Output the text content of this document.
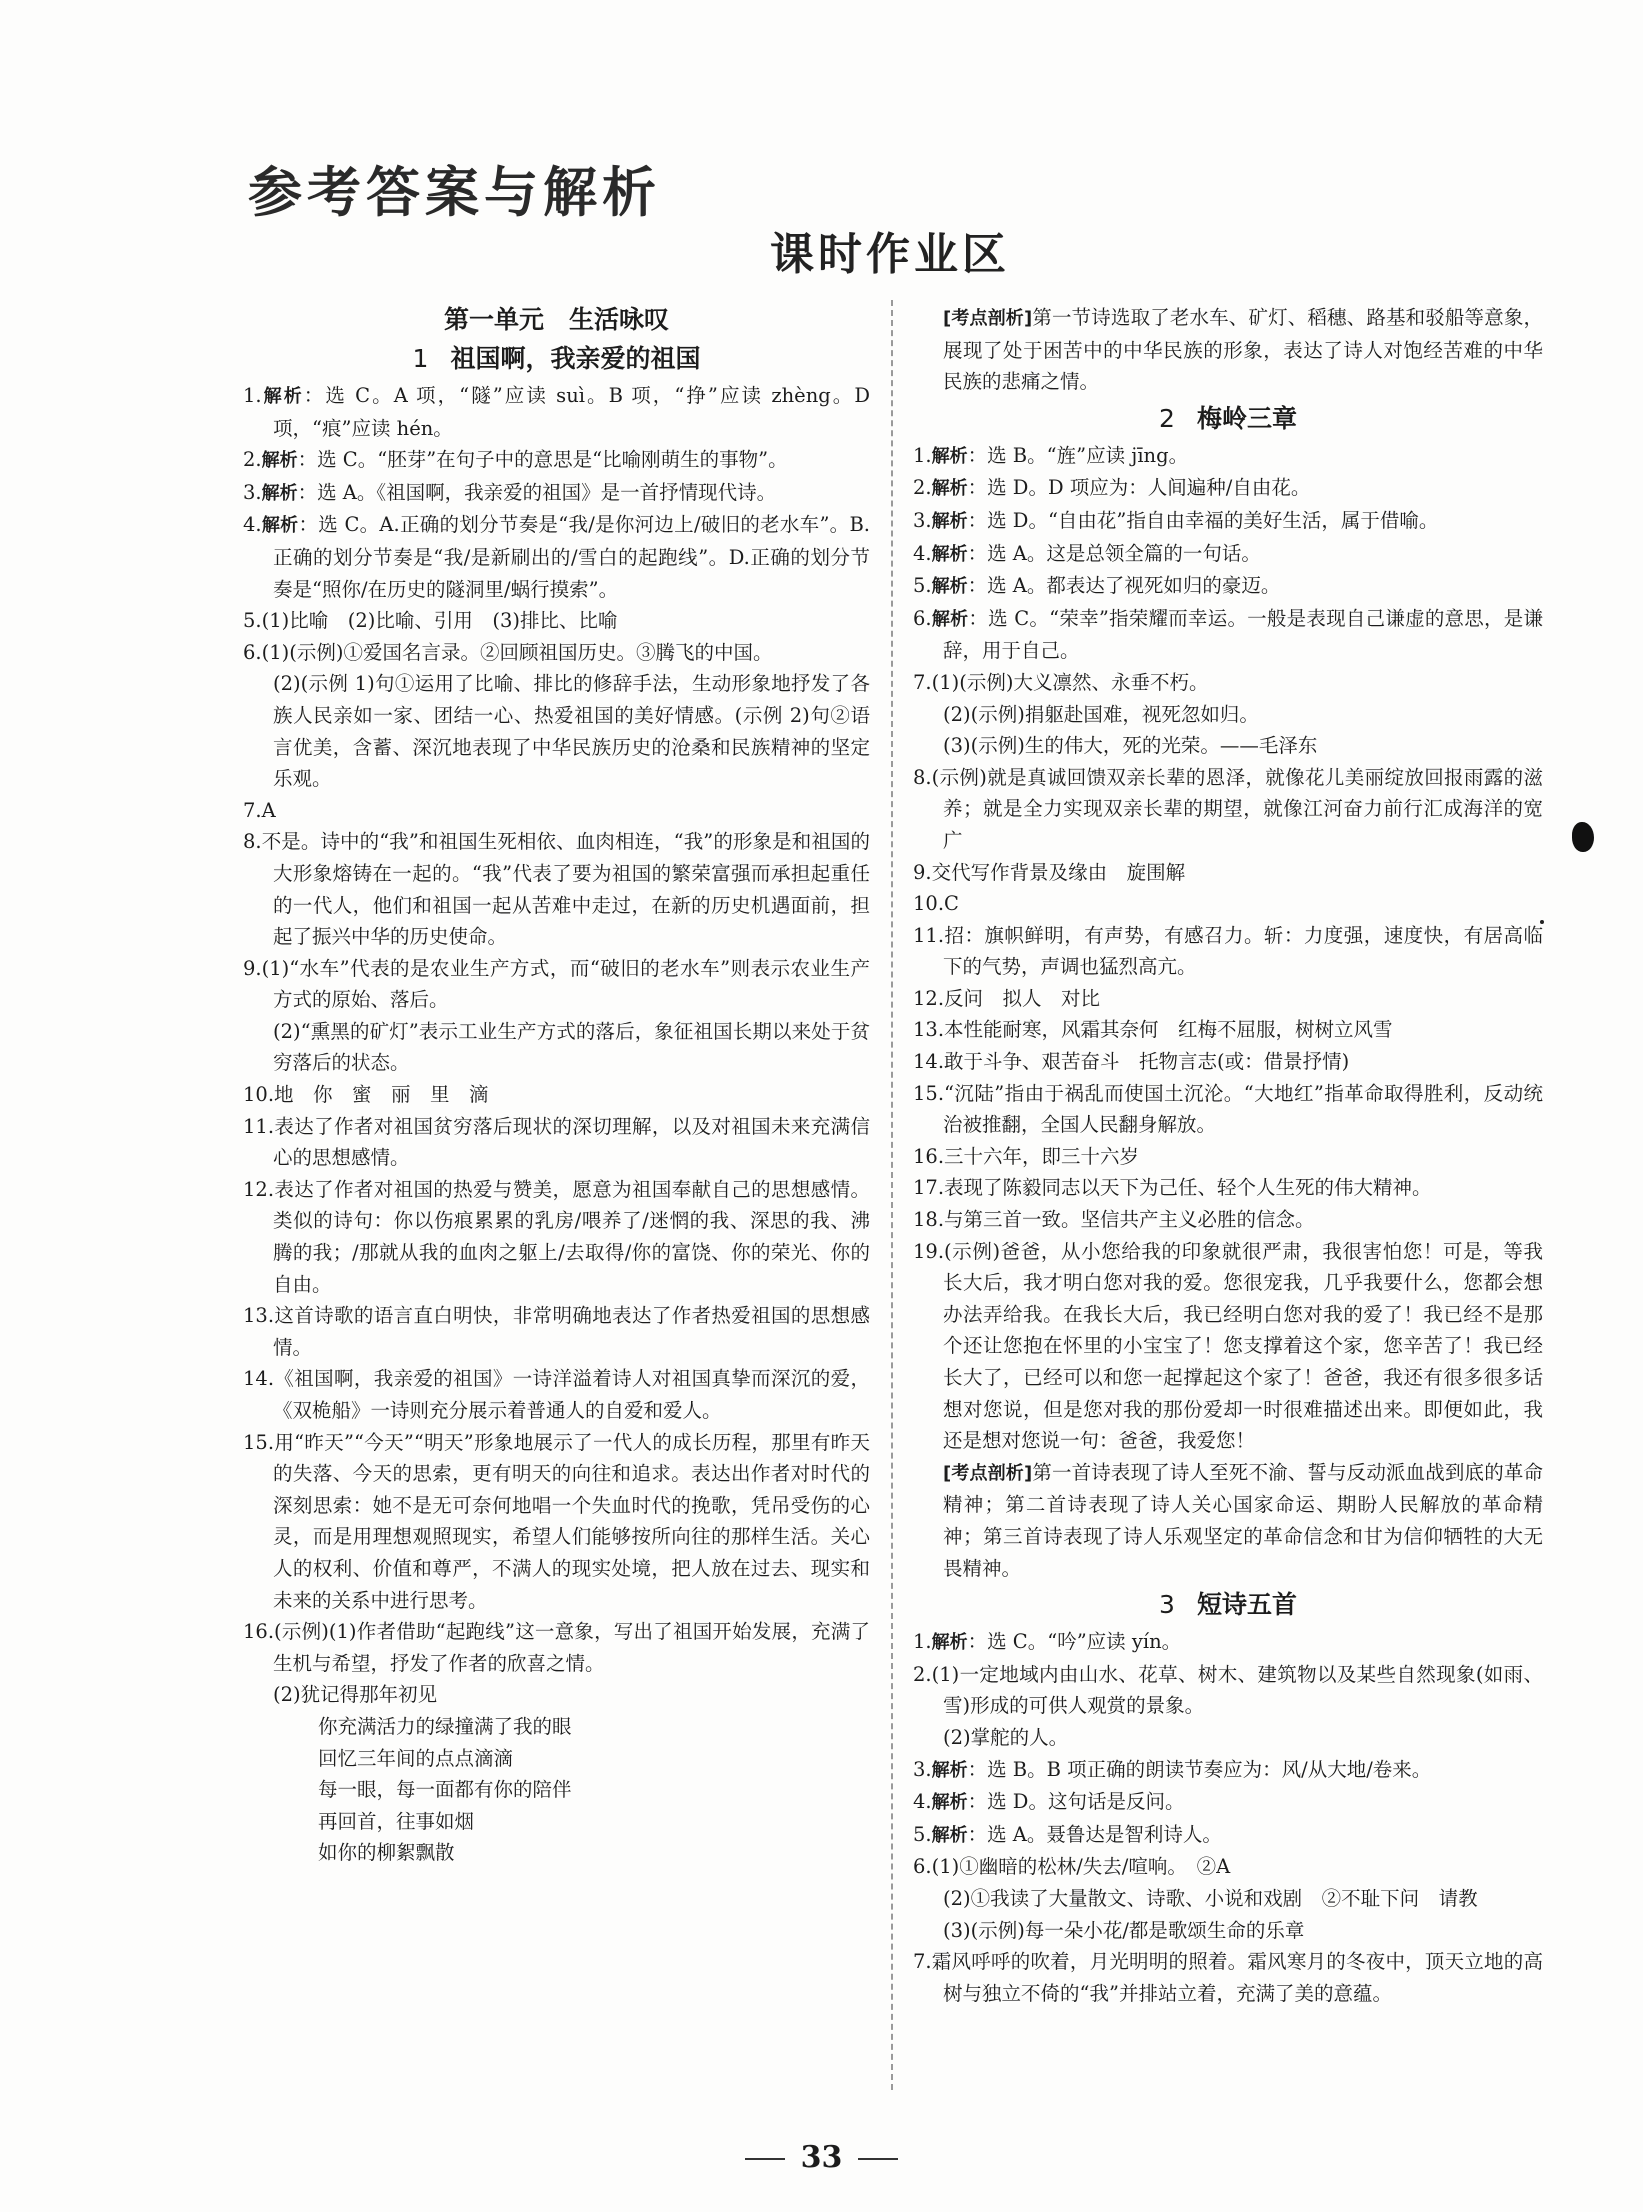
参考答案与解析
课时作业区
第一单元　生活咏叹
1 祖国啊，我亲爱的祖国

1.解析：选 C。A 项，“隧”应读 suì。B 项，“挣”应读 zhèng。D 项，“痕”应读 hén。

2.解析：选 C。“胚芽”在句子中的意思是“比喻刚萌生的事物”。

3.解析：选 A。《祖国啊，我亲爱的祖国》是一首抒情现代诗。

4.解析：选 C。A.正确的划分节奏是“我/是你河边上/破旧的老水车”。B.正确的划分节奏是“我/是新刷出的/雪白的起跑线”。D.正确的划分节奏是“照你/在历史的隧洞里/蜗行摸索”。

5.(1)比喻　(2)比喻、引用　(3)排比、比喻

6.(1)(示例)①爱国名言录。②回顾祖国历史。③腾飞的中国。

(2)(示例 1)句①运用了比喻、排比的修辞手法，生动形象地抒发了各族人民亲如一家、团结一心、热爱祖国的美好情感。(示例 2)句②语言优美，含蓄、深沉地表现了中华民族历史的沧桑和民族精神的坚定乐观。

7.A

8.不是。诗中的“我”和祖国生死相依、血肉相连，“我”的形象是和祖国的大形象熔铸在一起的。“我”代表了要为祖国的繁荣富强而承担起重任的一代人，他们和祖国一起从苦难中走过，在新的历史机遇面前，担起了振兴中华的历史使命。

9.(1)“水车”代表的是农业生产方式，而“破旧的老水车”则表示农业生产方式的原始、落后。

(2)“熏黑的矿灯”表示工业生产方式的落后，象征祖国长期以来处于贫穷落后的状态。

10.地　你　蜜　丽　里　滴

11.表达了作者对祖国贫穷落后现状的深切理解，以及对祖国未来充满信心的思想感情。

12.表达了作者对祖国的热爱与赞美，愿意为祖国奉献自己的思想感情。类似的诗句：你以伤痕累累的乳房/喂养了/迷惘的我、深思的我、沸腾的我；/那就从我的血肉之躯上/去取得/你的富饶、你的荣光、你的自由。

13.这首诗歌的语言直白明快，非常明确地表达了作者热爱祖国的思想感情。

14.《祖国啊，我亲爱的祖国》一诗洋溢着诗人对祖国真挚而深沉的爱，《双桅船》一诗则充分展示着普通人的自爱和爱人。

15.用“昨天”“今天”“明天”形象地展示了一代人的成长历程，那里有昨天的失落、今天的思索，更有明天的向往和追求。表达出作者对时代的深刻思索：她不是无可奈何地唱一个失血时代的挽歌，凭吊受伤的心灵，而是用理想观照现实，希望人们能够按所向往的那样生活。关心人的权利、价值和尊严，不满人的现实处境，把人放在过去、现实和未来的关系中进行思考。

16.(示例)(1)作者借助“起跑线”这一意象，写出了祖国开始发展，充满了生机与希望，抒发了作者的欣喜之情。

(2)犹记得那年初见

你充满活力的绿撞满了我的眼

回忆三年间的点点滴滴

每一眼，每一面都有你的陪伴

再回首，往事如烟

如你的柳絮飘散

[考点剖析]第一节诗选取了老水车、矿灯、稻穗、路基和驳船等意象，展现了处于困苦中的中华民族的形象，表达了诗人对饱经苦难的中华民族的悲痛之情。

2 梅岭三章

1.解析：选 B。“旌”应读 jīng。

2.解析：选 D。D 项应为：人间遍种/自由花。

3.解析：选 D。“自由花”指自由幸福的美好生活，属于借喻。

4.解析：选 A。这是总领全篇的一句话。

5.解析：选 A。都表达了视死如归的豪迈。

6.解析：选 C。“荣幸”指荣耀而幸运。一般是表现自己谦虚的意思，是谦辞，用于自己。

7.(1)(示例)大义凛然、永垂不朽。

(2)(示例)捐躯赴国难，视死忽如归。

(3)(示例)生的伟大，死的光荣。——毛泽东

8.(示例)就是真诚回馈双亲长辈的恩泽，就像花儿美丽绽放回报雨露的滋养；就是全力实现双亲长辈的期望，就像江河奋力前行汇成海洋的宽广

9.交代写作背景及缘由　旋围解

10.C

11.招：旗帜鲜明，有声势，有感召力。斩：力度强，速度快，有居高临下的气势，声调也猛烈高亢。

12.反问　拟人　对比

13.本性能耐寒，风霜其奈何　红梅不屈服，树树立风雪

14.敢于斗争、艰苦奋斗　托物言志(或：借景抒情)

15.“沉陆”指由于祸乱而使国土沉沦。“大地红”指革命取得胜利，反动统治被推翻，全国人民翻身解放。

16.三十六年，即三十六岁

17.表现了陈毅同志以天下为己任、轻个人生死的伟大精神。

18.与第三首一致。坚信共产主义必胜的信念。

19.(示例)爸爸，从小您给我的印象就很严肃，我很害怕您！可是，等我长大后，我才明白您对我的爱。您很宠我，几乎我要什么，您都会想办法弄给我。在我长大后，我已经明白您对我的爱了！我已经不是那个还让您抱在怀里的小宝宝了！您支撑着这个家，您辛苦了！我已经长大了，已经可以和您一起撑起这个家了！爸爸，我还有很多很多话想对您说，但是您对我的那份爱却一时很难描述出来。即便如此，我还是想对您说一句：爸爸，我爱您！

[考点剖析]第一首诗表现了诗人至死不渝、誓与反动派血战到底的革命精神；第二首诗表现了诗人关心国家命运、期盼人民解放的革命精神；第三首诗表现了诗人乐观坚定的革命信念和甘为信仰牺牲的大无畏精神。

3 短诗五首

1.解析：选 C。“吟”应读 yín。

2.(1)一定地域内由山水、花草、树木、建筑物以及某些自然现象(如雨、雪)形成的可供人观赏的景象。

(2)掌舵的人。

3.解析：选 B。B 项正确的朗读节奏应为：风/从大地/卷来。

4.解析：选 D。这句话是反问。

5.解析：选 A。聂鲁达是智利诗人。

6.(1)①幽暗的松林/失去/喧响。　②A

(2)①我读了大量散文、诗歌、小说和戏剧　②不耻下问　请教

(3)(示例)每一朵小花/都是歌颂生命的乐章

7.霜风呼呼的吹着，月光明明的照着。霜风寒月的冬夜中，顶天立地的高树与独立不倚的“我”并排站立着，充满了美的意蕴。

33
